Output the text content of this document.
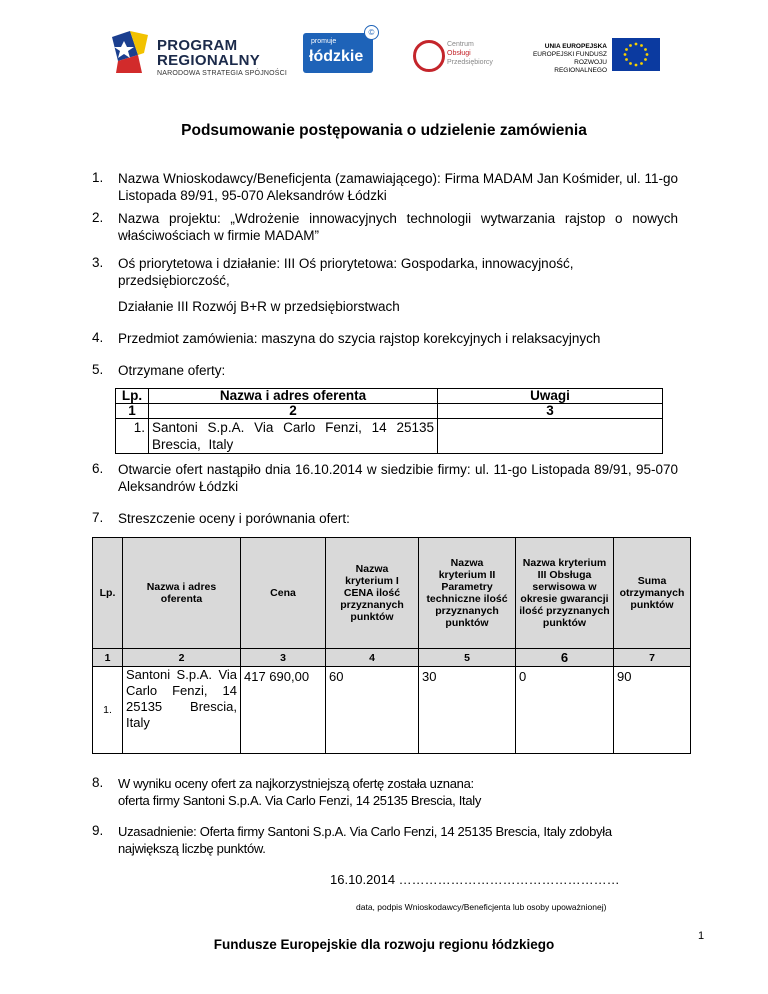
PROGRAM
REGIONALNY
NARODOWA STRATEGIA SPÓJNOŚCI
promuje
łódzkie
©
Centrum
Obsługi
Przedsiębiorcy
UNIA EUROPEJSKA
EUROPEJSKI FUNDUSZ
ROZWOJU REGIONALNEGO
Podsumowanie postępowania o udzielenie zamówienia
1. Nazwa Wnioskodawcy/Beneficjenta (zamawiającego): Firma MADAM Jan Kośmider, ul. 11-go Listopada 89/91, 95-070 Aleksandrów Łódzki
2. Nazwa projektu: „Wdrożenie innowacyjnych technologii wytwarzania rajstop o nowych właściwościach w firmie MADAM”
3. Oś priorytetowa i działanie: III Oś priorytetowa: Gospodarka, innowacyjność, przedsiębiorczość,
Działanie III Rozwój B+R w przedsiębiorstwach
4. Przedmiot zamówienia: maszyna do szycia rajstop korekcyjnych i relaksacyjnych
5. Otrzymane oferty:
Lp.	Nazwa i adres oferenta	Uwagi
1	2	3
1.	Santoni S.p.A. Via Carlo Fenzi, 14 25135 Brescia, Italy	
6. Otwarcie ofert nastąpiło dnia 16.10.2014 w siedzibie firmy: ul. 11-go Listopada 89/91, 95-070 Aleksandrów Łódzki
7. Streszczenie oceny i porównania ofert:
Lp.	Nazwa i adres oferenta	Cena	Nazwa kryterium I CENA ilość przyznanych punktów	Nazwa kryterium II Parametry techniczne ilość przyznanych punktów	Nazwa kryterium III Obsługa serwisowa w okresie gwarancji ilość przyznanych punktów	Suma otrzymanych punktów
1	2	3	4	5	6	7
1.	Santoni S.p.A. Via Carlo Fenzi, 14 25135 Brescia, Italy	417 690,00	60	30	0	90
8. W wyniku oceny ofert za najkorzystniejszą ofertę została uznana:
oferta firmy Santoni S.p.A. Via Carlo Fenzi, 14 25135 Brescia, Italy
9. Uzasadnienie: Oferta firmy Santoni S.p.A. Via Carlo Fenzi, 14 25135 Brescia, Italy zdobyła największą liczbę punktów.
16.10.2014 ……………………………………………
data, podpis Wnioskodawcy/Beneficjenta lub osoby upoważnionej)
Fundusze Europejskie dla rozwoju regionu łódzkiego
1
